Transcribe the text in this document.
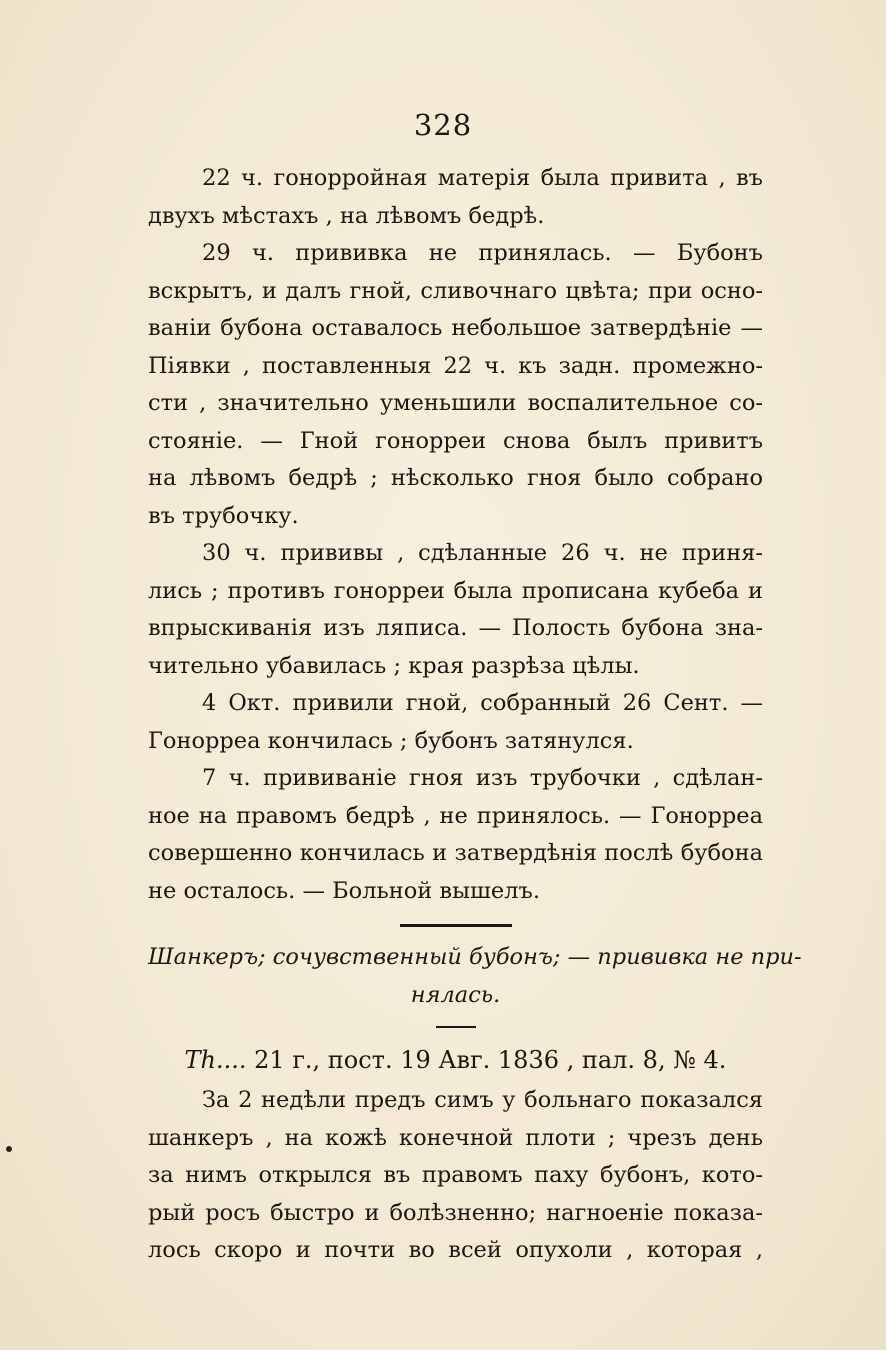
328
22 ч. гонорройная матерія была привита , въ
двухъ мѣстахъ , на лѣвомъ бедрѣ.
29 ч. прививка не принялась. — Бубонъ
вскрытъ, и далъ гной, сливочнаго цвѣта; при осно-
ваніи бубона оставалось небольшое затвердѣніе —
Піявки , поставленныя 22 ч. къ задн. промежно-
сти , значительно уменьшили воспалительное со-
стояніе. — Гной гонорреи снова былъ привитъ
на лѣвомъ бедрѣ ; нѣсколько гноя было собрано
въ трубочку.
30 ч. прививы , сдѣланные 26 ч. не приня-
лись ; противъ гонорреи была прописана кубеба и
впрыскиванія изъ ляписа. — Полость бубона зна-
чительно убавилась ; края разрѣза цѣлы.
4 Окт. привили гной, собранный 26 Сент. —
Гонорреа кончилась ; бубонъ затянулся.
7 ч. прививаніе гноя изъ трубочки , сдѣлан-
ное на правомъ бедрѣ , не принялось. — Гонорреа
совершенно кончилась и затвердѣнія послѣ бубона
не осталось. — Больной вышелъ.
Шанкеръ; сочувственный бубонъ; — прививка не при-
нялась.
Th.... 21 г., пост. 19 Авг. 1836 , пал. 8, № 4.
За 2 недѣли предъ симъ у больнаго показался
шанкеръ , на кожѣ конечной плоти ; чрезъ день
за нимъ открылся въ правомъ паху бубонъ, кото-
рый росъ быстро и болѣзненно; нагноеніе показа-
лось скоро и почти во всей опухоли , которая ,
